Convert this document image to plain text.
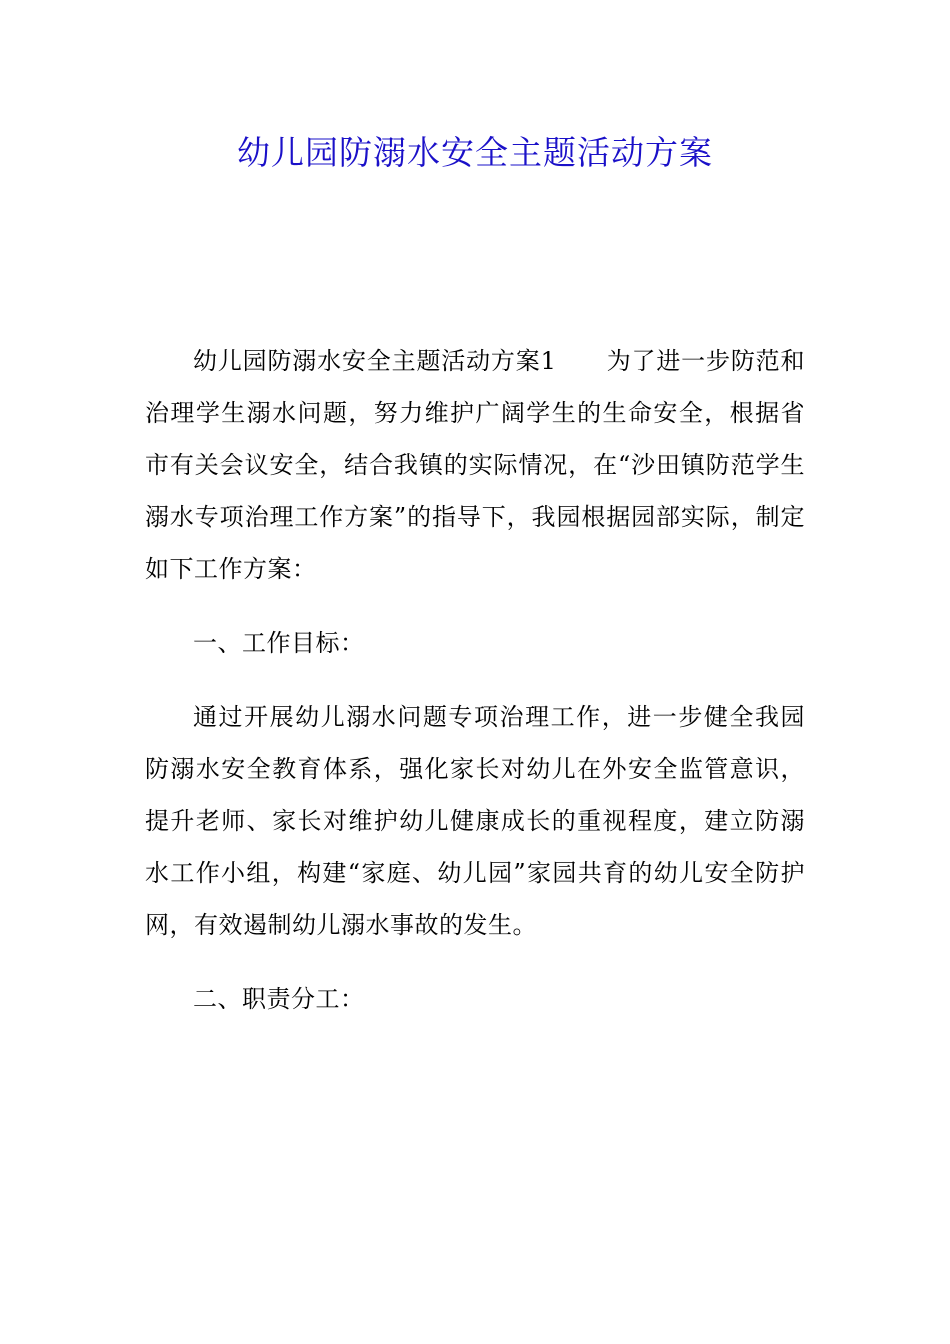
幼儿园防溺水安全主题活动方案

幼儿园防溺水安全主题活动方案1 为了进一步防范和治理学生溺水问题，努力维护广阔学生的生命安全，根据省市有关会议安全，结合我镇的实际情况，在“沙田镇防范学生溺水专项治理工作方案”的指导下，我园根据园部实际，制定如下工作方案：

一、工作目标：

通过开展幼儿溺水问题专项治理工作，进一步健全我园防溺水安全教育体系，强化家长对幼儿在外安全监管意识，提升老师、家长对维护幼儿健康成长的重视程度，建立防溺水工作小组，构建“家庭、幼儿园”家园共育的幼儿安全防护网，有效遏制幼儿溺水事故的发生。

二、职责分工：
